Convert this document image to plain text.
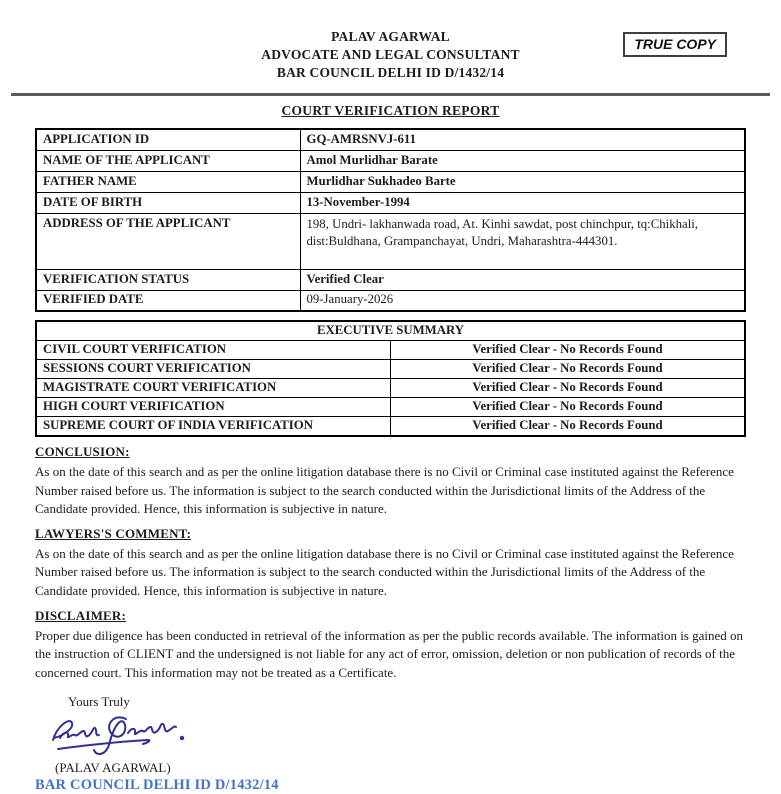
PALAV AGARWAL
ADVOCATE AND LEGAL CONSULTANT
BAR COUNCIL DELHI ID D/1432/14
TRUE COPY
COURT VERIFICATION REPORT
APPLICATION ID	GQ-AMRSNVJ-611
NAME OF THE APPLICANT	Amol Murlidhar Barate
FATHER NAME	Murlidhar Sukhadeo Barte
DATE OF BIRTH	13-November-1994
ADDRESS OF THE APPLICANT	198, Undri- lakhanwada road, At. Kinhi sawdat, post chinchpur, tq:Chikhali, dist:Buldhana, Grampanchayat, Undri, Maharashtra-444301.
VERIFICATION STATUS	Verified Clear
VERIFIED DATE	09-January-2026
EXECUTIVE SUMMARY	
CIVIL COURT VERIFICATION	Verified Clear - No Records Found
SESSIONS COURT VERIFICATION	Verified Clear - No Records Found
MAGISTRATE COURT VERIFICATION	Verified Clear - No Records Found
HIGH COURT VERIFICATION	Verified Clear - No Records Found
SUPREME COURT OF INDIA VERIFICATION	Verified Clear - No Records Found
CONCLUSION:

As on the date of this search and as per the online litigation database there is no Civil or Criminal case instituted against the Reference Number raised before us. The information is subject to the search conducted within the Jurisdictional limits of the Address of the Candidate provided. Hence, this information is subjective in nature.

LAWYERS'S COMMENT:

As on the date of this search and as per the online litigation database there is no Civil or Criminal case instituted against the Reference Number raised before us. The information is subject to the search conducted within the Jurisdictional limits of the Address of the Candidate provided. Hence, this information is subjective in nature.

DISCLAIMER:

Proper due diligence has been conducted in retrieval of the information as per the public records available. The information is gained on the instruction of CLIENT and the undersigned is not liable for any act of error, omission, deletion or non publication of records of the concerned court. This information may not be treated as a Certificate.

Yours Truly
(PALAV AGARWAL)
BAR COUNCIL DELHI ID D/1432/14
